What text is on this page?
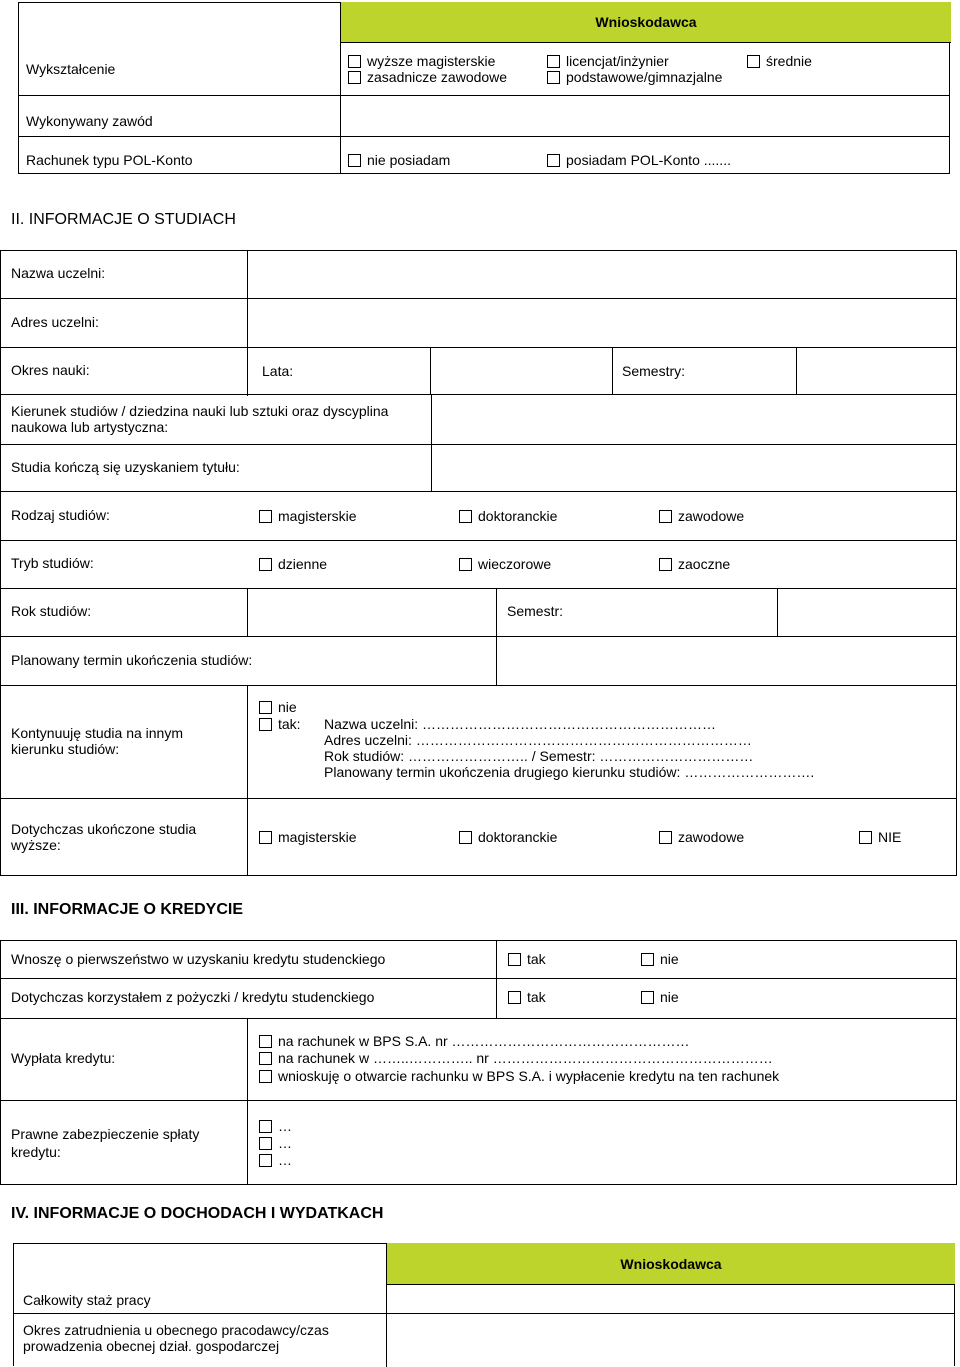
Wnioskodawca
Wykształcenie	wyższe magisterskie	licencjat/inżynier	średnie
zasadnicze zawodowe	podstawowe/gimnazjalne
Wykonywany zawód
Rachunek typu POL-Konto	nie posiadam	posiadam POL-Konto .......
II. INFORMACJE O STUDIACH
Nazwa uczelni:
Adres uczelni:
Okres nauki:	Lata:	Semestry:
Kierunek studiów / dziedzina nauki lub sztuki oraz dyscyplina naukowa lub artystyczna:
Studia kończą się uzyskaniem tytułu:
Rodzaj studiów:	magisterskie	doktoranckie	zawodowe
Tryb studiów:	dzienne	wieczorowe	zaoczne
Rok studiów:	Semestr:
Planowany termin ukończenia studiów:
Kontynuuję studia na innym kierunku studiów:
nie
tak: Nazwa uczelni: ………………………………………………………
Adres uczelni: ………………………………………………………………
Rok studiów: …………………….. / Semestr: ……………………………
Planowany termin ukończenia drugiego kierunku studiów: ……………………….
Dotychczas ukończone studia wyższe:	magisterskie	doktoranckie	zawodowe	NIE
III. INFORMACJE O KREDYCIE
Wnoszę o pierwszeństwo w uzyskaniu kredytu studenckiego	tak	nie
Dotychczas korzystałem z pożyczki / kredytu studenckiego	tak	nie
Wypłata kredytu:
na rachunek w BPS S.A. nr ……………………………………………
na rachunek w ……..………….. nr ……………………………………………………
wnioskuję o otwarcie rachunku w BPS S.A. i wypłacenie kredytu na ten rachunek
Prawne zabezpieczenie spłaty kredytu:
…
…
…
IV. INFORMACJE O DOCHODACH I WYDATKACH
Wnioskodawca
Całkowity staż pracy
Okres zatrudnienia u obecnego pracodawcy/czas prowadzenia obecnej dział. gospodarczej
